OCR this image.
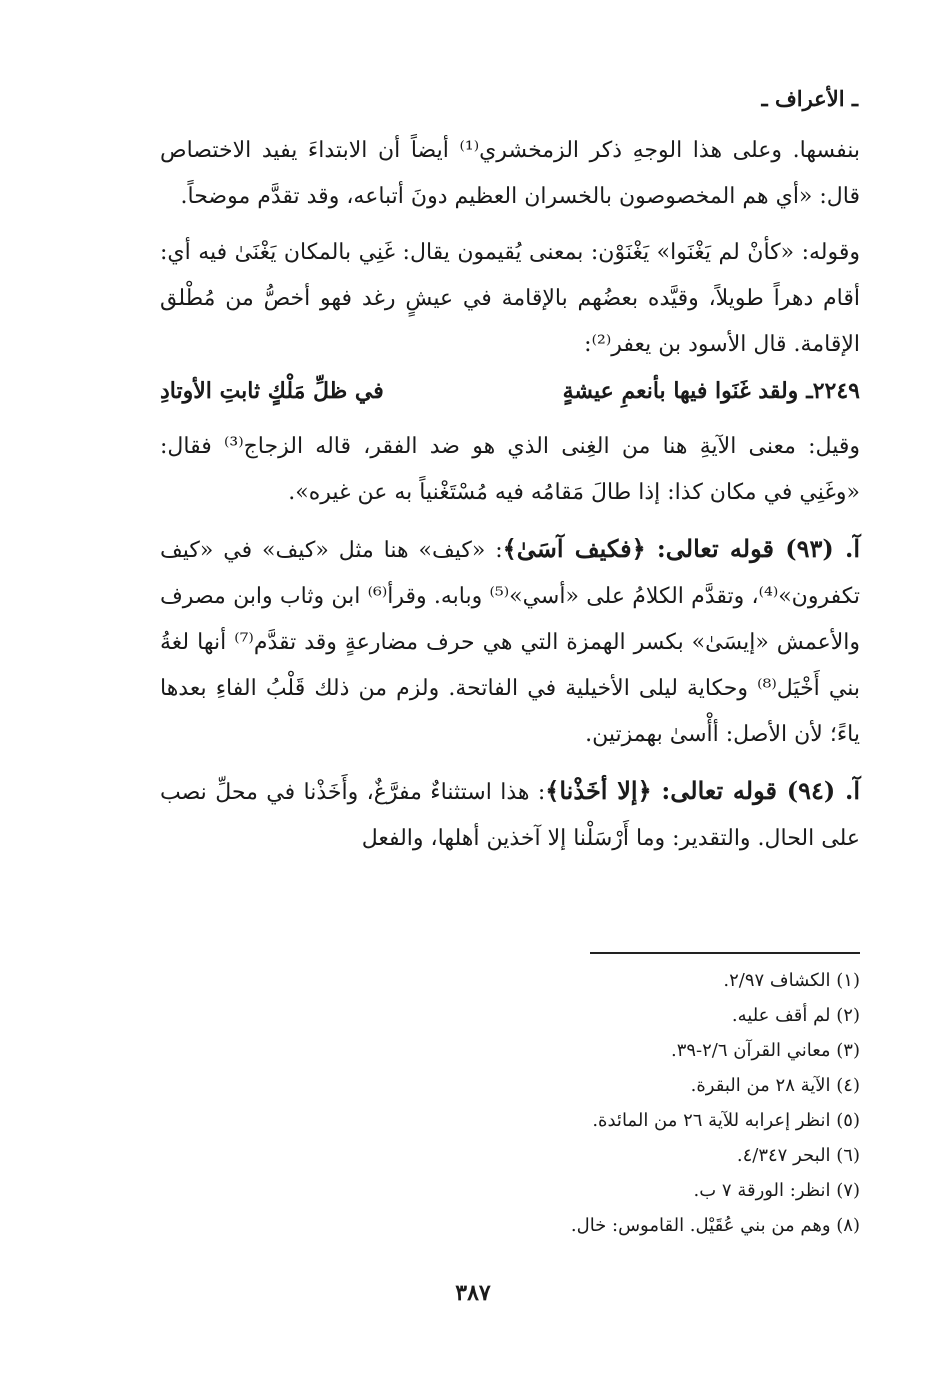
ـ الأعراف ـ

بنفسها. وعلى هذا الوجهِ ذكر الزمخشري⁽¹⁾ أيضاً أن الابتداءَ يفيد الاختصاص قال: «أي هم المخصوصون بالخسران العظيم دونَ أتباعه، وقد تقدَّم موضحاً.

وقوله: «كأنْ لم يَغْنَوا» يَغْنَوْن: بمعنى يُقيمون يقال: غَنِي بالمكان يَغْنَىٰ فيه أي: أقام دهراً طويلاً، وقيَّده بعضُهم بالإقامة في عيشٍ رغد فهو أخصُّ من مُطْلق الإقامة. قال الأسود بن يعفر⁽²⁾:

٢٢٤٩ـ
ولقد غَنَوا فيها بأنعمِ عيشةٍ
في ظلِّ مَلْكٍ ثابتِ الأوتادِ

وقيل: معنى الآيةِ هنا من الغِنى الذي هو ضد الفقر، قاله الزجاج⁽³⁾ فقال: «وغَنِي في مكان كذا: إذا طالَ مَقامُه فيه مُسْتَغْنياً به عن غيره».

آ. (٩٣) قوله تعالى: ﴿فكيف آسَىٰ﴾: «كيف» هنا مثل «كيف» في «كيف تكفرون»⁽⁴⁾، وتقدَّم الكلامُ على «أسي»⁽⁵⁾ وبابه. وقرأ⁽⁶⁾ ابن وثاب وابن مصرف والأعمش «إيسَىٰ» بكسر الهمزة التي هي حرف مضارعةٍ وقد تقدَّم⁽⁷⁾ أنها لغةُ بني أَخْيَل⁽⁸⁾ وحكاية ليلى الأخيلية في الفاتحة. ولزم من ذلك قَلْبُ الفاءِ بعدها ياءً؛ لأن الأصل: أأْسىٰ بهمزتين.

آ. (٩٤) قوله تعالى: ﴿إلا أخَذْنا﴾: هذا استثناءٌ مفرَّغٌ، وأَخَذْنا في محلِّ نصب على الحال. والتقدير: وما أَرْسَلْنا إلا آخذين أهلها، والفعل

(١) الكشاف ٢/٩٧.
(٢) لم أقف عليه.
(٣) معاني القرآن ٢/٦-٣٩.
(٤) الآية ٢٨ من البقرة.
(٥) انظر إعرابه للآية ٢٦ من المائدة.
(٦) البحر ٤/٣٤٧.
(٧) انظر: الورقة ٧ ب.
(٨) وهم من بني عُقَيْل. القاموس: خال.
٣٨٧
